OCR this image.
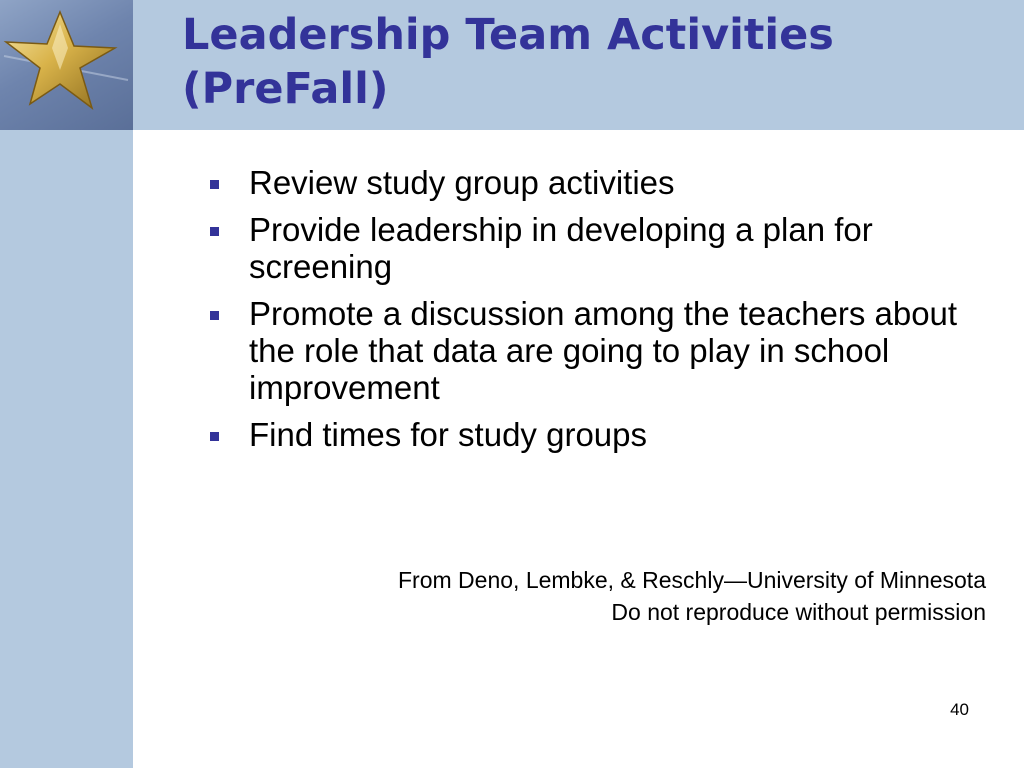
Leadership Team Activities
(PreFall)
Review study group activities
Provide leadership in developing a plan for screening
Promote a discussion among the teachers about the role that data are going to play in school improvement
Find times for study groups
From Deno, Lembke, & Reschly—University of Minnesota
Do not reproduce without permission
40
